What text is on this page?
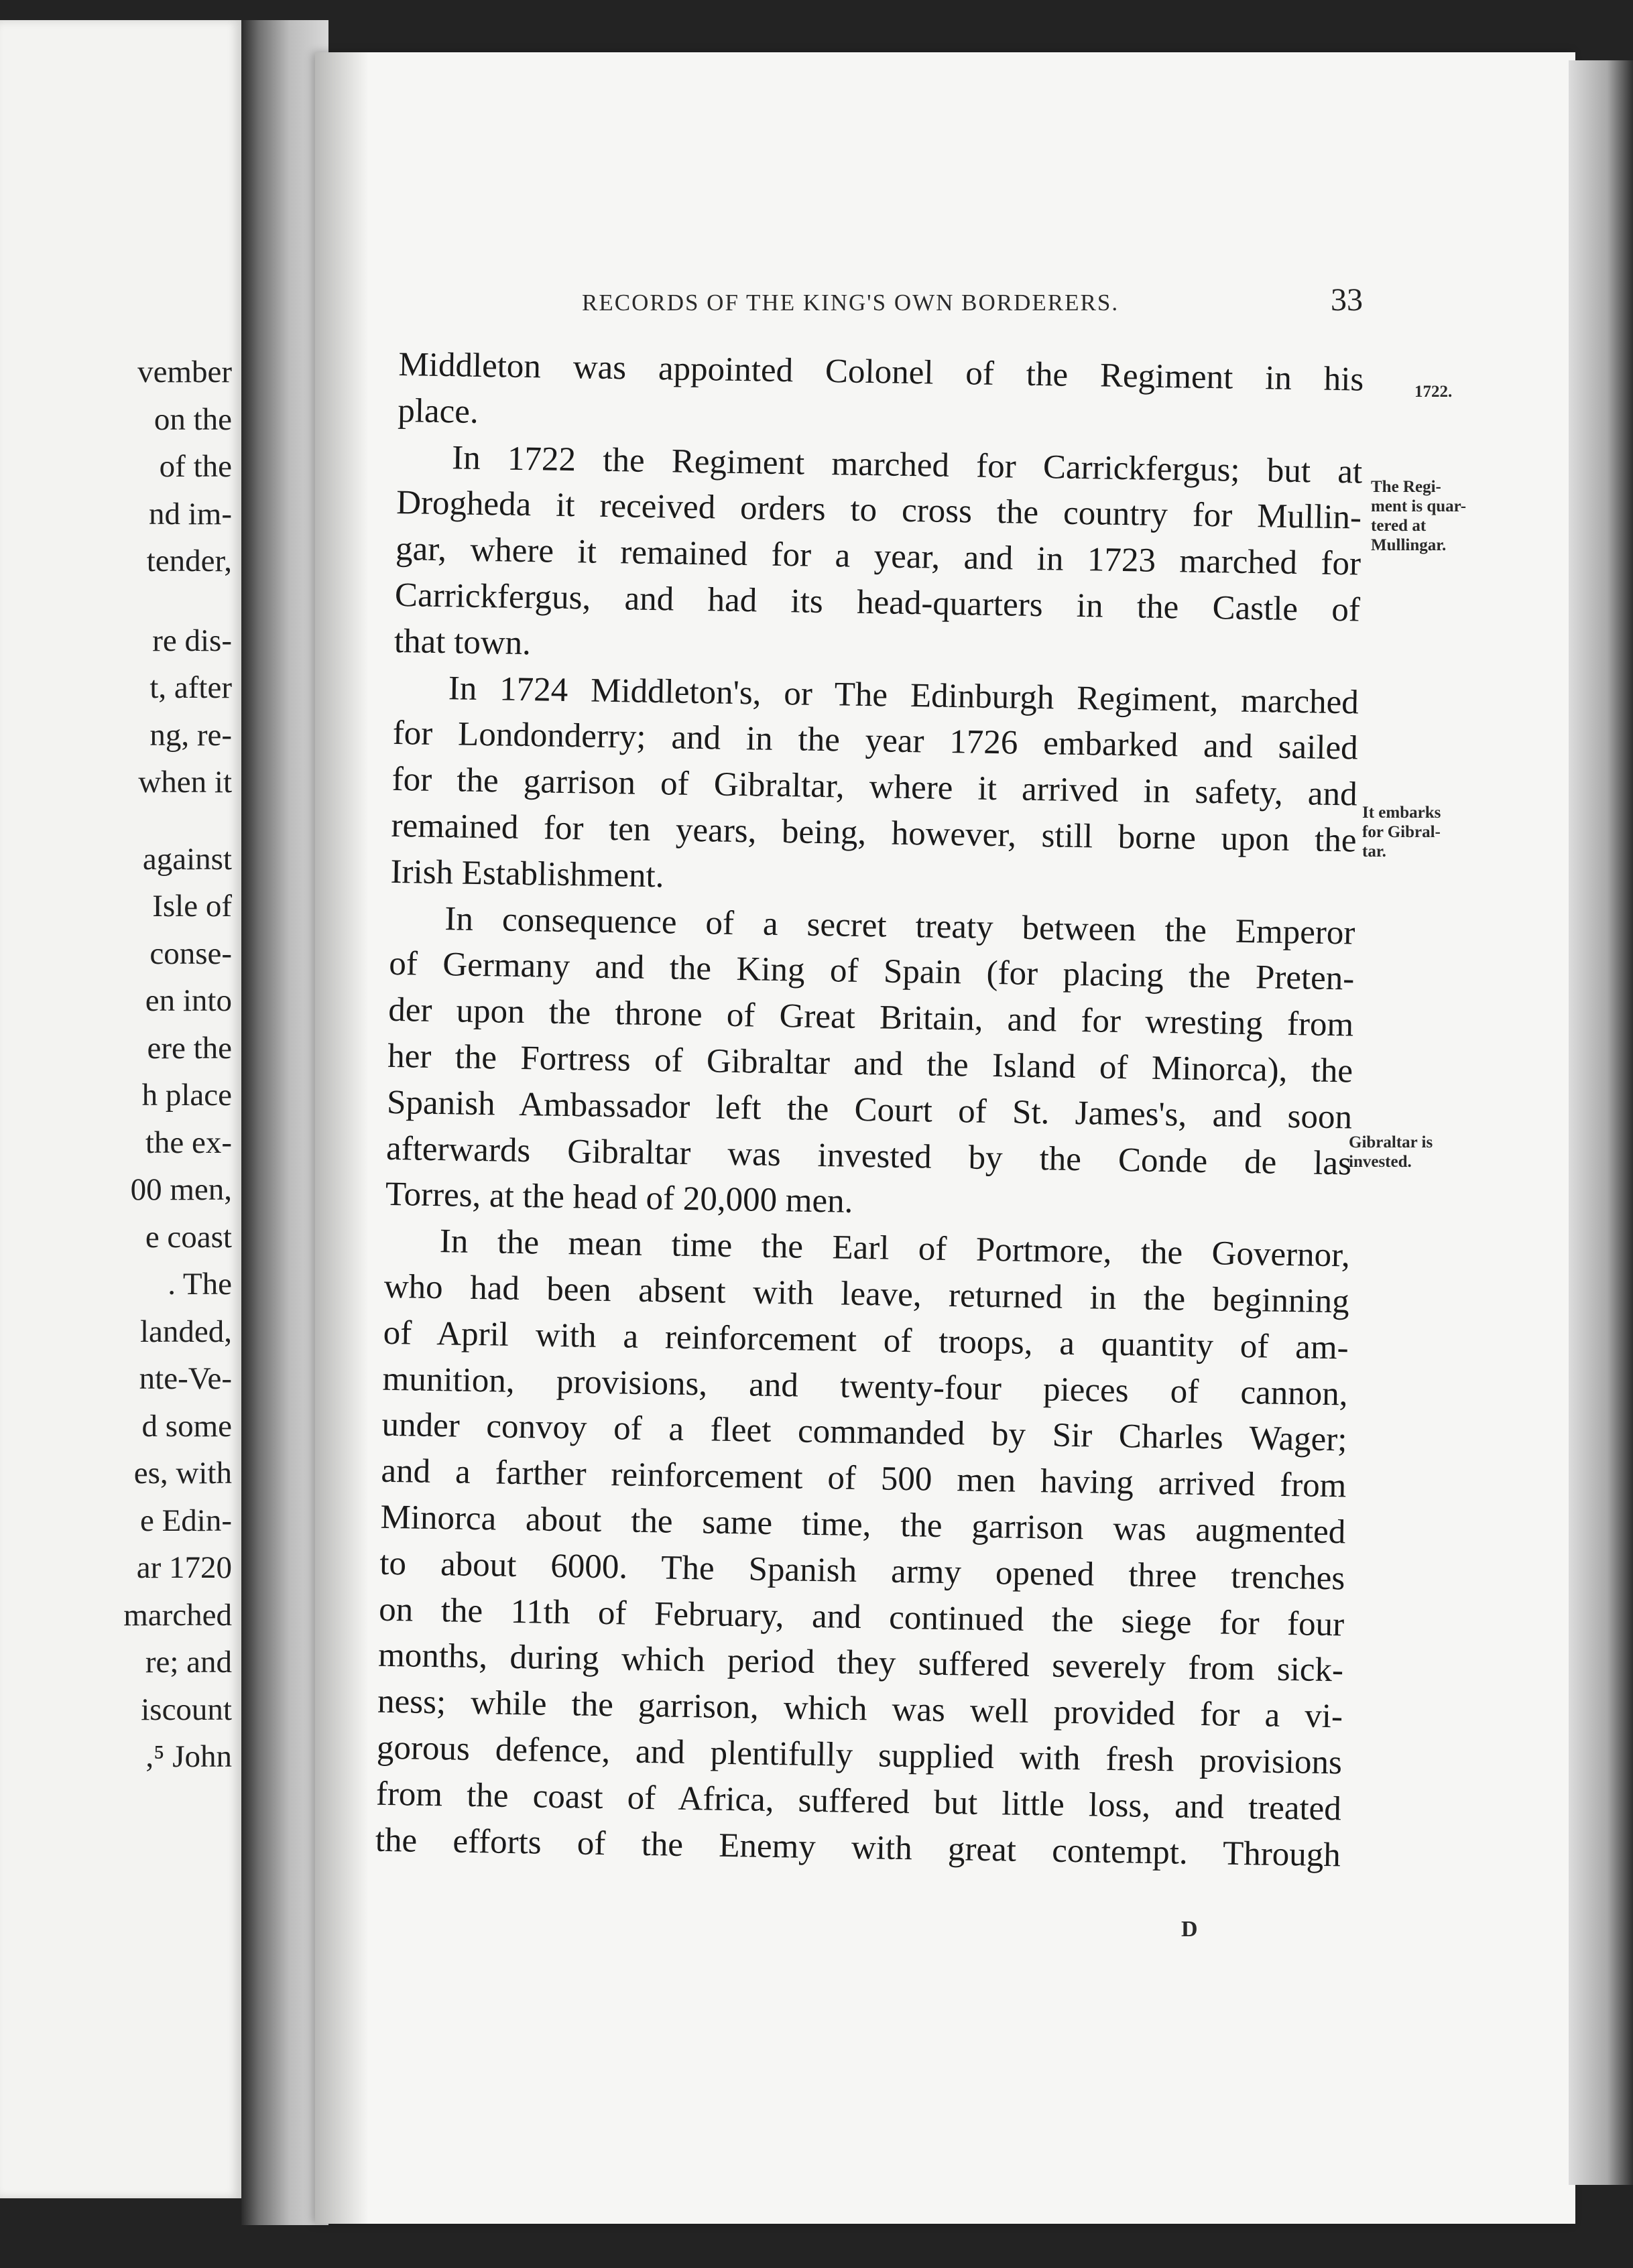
vember
on the
of the
nd im-
tender,
re dis-
t, after
ng, re-
when it
against
Isle of
conse-
en into
ere the
h place
the ex-
00 men,
e coast
. The
landed,
nte-Ve-
d some
es, with
e Edin-
ar 1720
marched
re; and
iscount
,⁵ John
RECORDS OF THE KING'S OWN BORDERERS.	33
Middleton was appointed Colonel of the Regiment in his
place.
In 1722 the Regiment marched for Carrickfergus; but at
Drogheda it received orders to cross the country for Mullin-
gar, where it remained for a year, and in 1723 marched for
Carrickfergus, and had its head-quarters in the Castle of
that town.
In 1724 Middleton's, or The Edinburgh Regiment, marched
for Londonderry; and in the year 1726 embarked and sailed
for the garrison of Gibraltar, where it arrived in safety, and
remained for ten years, being, however, still borne upon the
Irish Establishment.
In consequence of a secret treaty between the Emperor
of Germany and the King of Spain (for placing the Preten-
der upon the throne of Great Britain, and for wresting from
her the Fortress of Gibraltar and the Island of Minorca), the
Spanish Ambassador left the Court of St. James's, and soon
afterwards Gibraltar was invested by the Conde de las
Torres, at the head of 20,000 men.
In the mean time the Earl of Portmore, the Governor,
who had been absent with leave, returned in the beginning
of April with a reinforcement of troops, a quantity of am-
munition, provisions, and twenty-four pieces of cannon,
under convoy of a fleet commanded by Sir Charles Wager;
and a farther reinforcement of 500 men having arrived from
Minorca about the same time, the garrison was augmented
to about 6000. The Spanish army opened three trenches
on the 11th of February, and continued the siege for four
months, during which period they suffered severely from sick-
ness; while the garrison, which was well provided for a vi-
gorous defence, and plentifully supplied with fresh provisions
from the coast of Africa, suffered but little loss, and treated
the efforts of the Enemy with great contempt. Through
1722.
The Regi-
ment is quar-
tered at
Mullingar.
It embarks
for Gibral-
tar.
Gibraltar is
invested.
D
